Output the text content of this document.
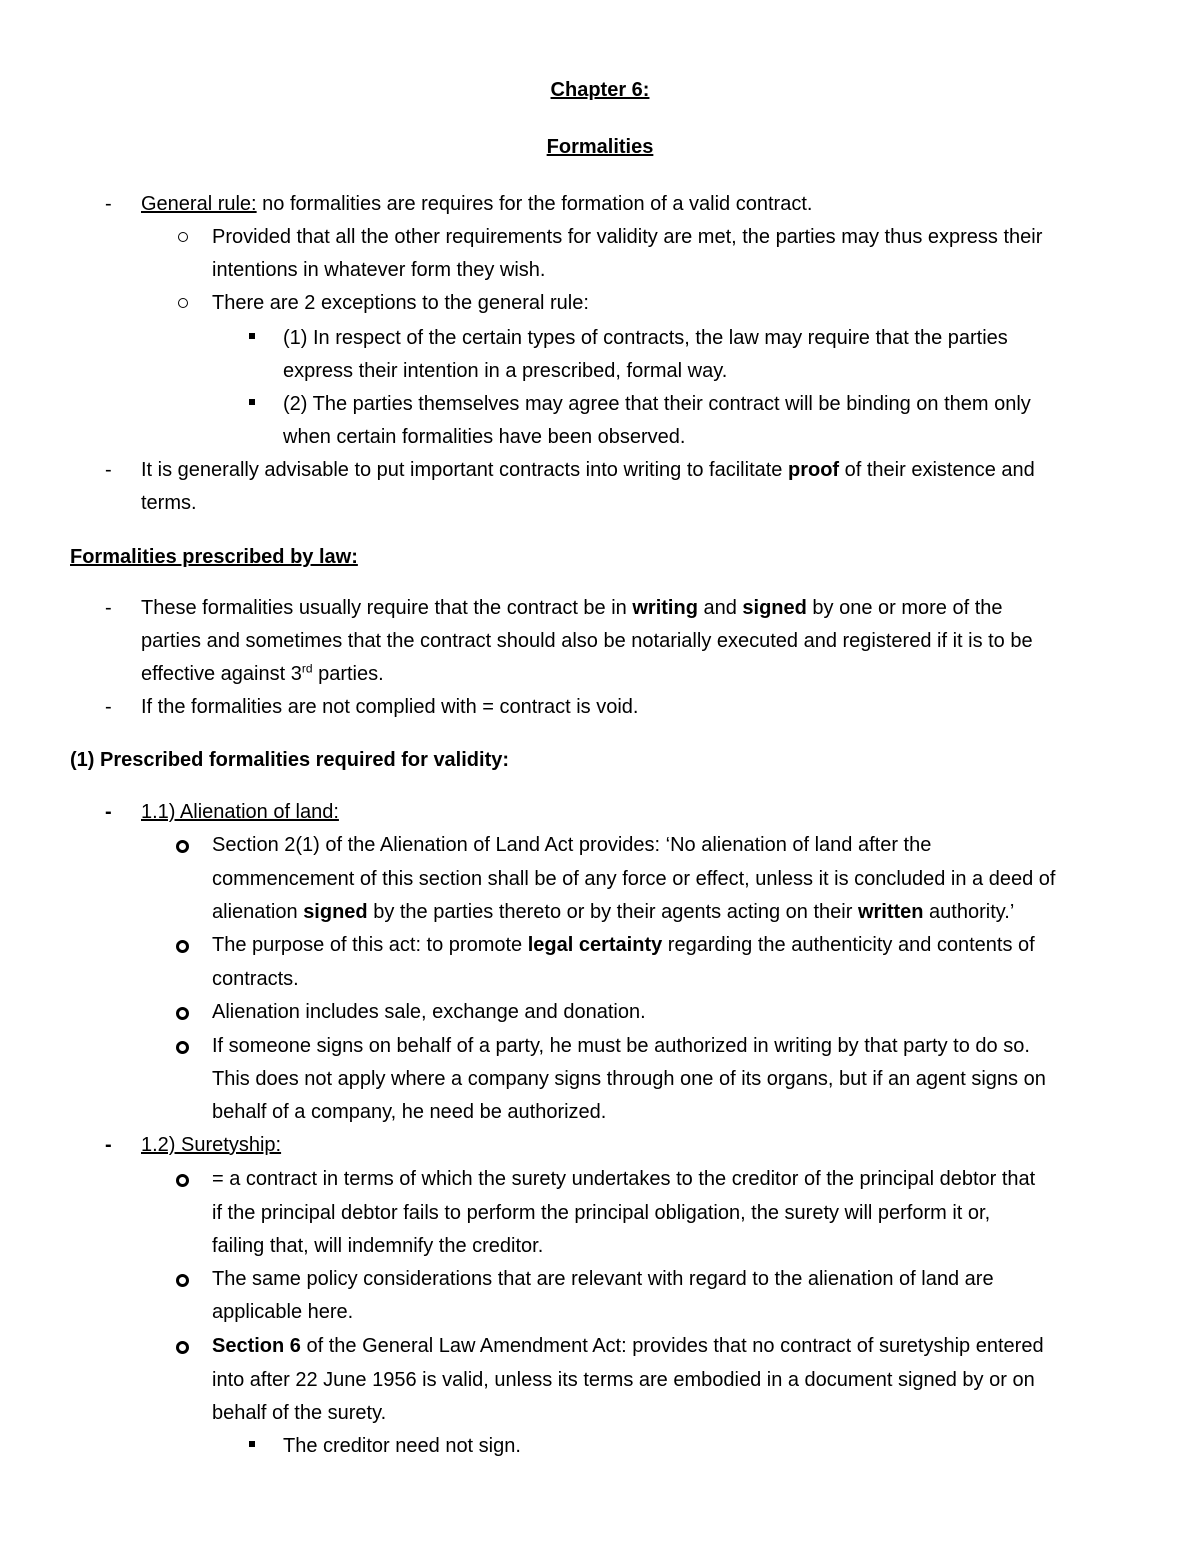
Chapter 6:
Formalities
- General rule: no formalities are requires for the formation of a valid contract.
Provided that all the other requirements for validity are met, the parties may thus express their
intentions in whatever form they wish.
There are 2 exceptions to the general rule:
(1) In respect of the certain types of contracts, the law may require that the parties
express their intention in a prescribed, formal way.
(2) The parties themselves may agree that their contract will be binding on them only
when certain formalities have been observed.
- It is generally advisable to put important contracts into writing to facilitate proof of their existence and
terms.
Formalities prescribed by law:
- These formalities usually require that the contract be in writing and signed by one or more of the
parties and sometimes that the contract should also be notarially executed and registered if it is to be
effective against 3rd parties.
- If the formalities are not complied with = contract is void.
(1) Prescribed formalities required for validity:
- 1.1) Alienation of land:
Section 2(1) of the Alienation of Land Act provides: ‘No alienation of land after the
commencement of this section shall be of any force or effect, unless it is concluded in a deed of
alienation signed by the parties thereto or by their agents acting on their written authority.’
The purpose of this act: to promote legal certainty regarding the authenticity and contents of
contracts.
Alienation includes sale, exchange and donation.
If someone signs on behalf of a party, he must be authorized in writing by that party to do so.
This does not apply where a company signs through one of its organs, but if an agent signs on
behalf of a company, he need be authorized.
- 1.2) Suretyship:
= a contract in terms of which the surety undertakes to the creditor of the principal debtor that
if the principal debtor fails to perform the principal obligation, the surety will perform it or,
failing that, will indemnify the creditor.
The same policy considerations that are relevant with regard to the alienation of land are
applicable here.
Section 6 of the General Law Amendment Act: provides that no contract of suretyship entered
into after 22 June 1956 is valid, unless its terms are embodied in a document signed by or on
behalf of the surety.
The creditor need not sign.
